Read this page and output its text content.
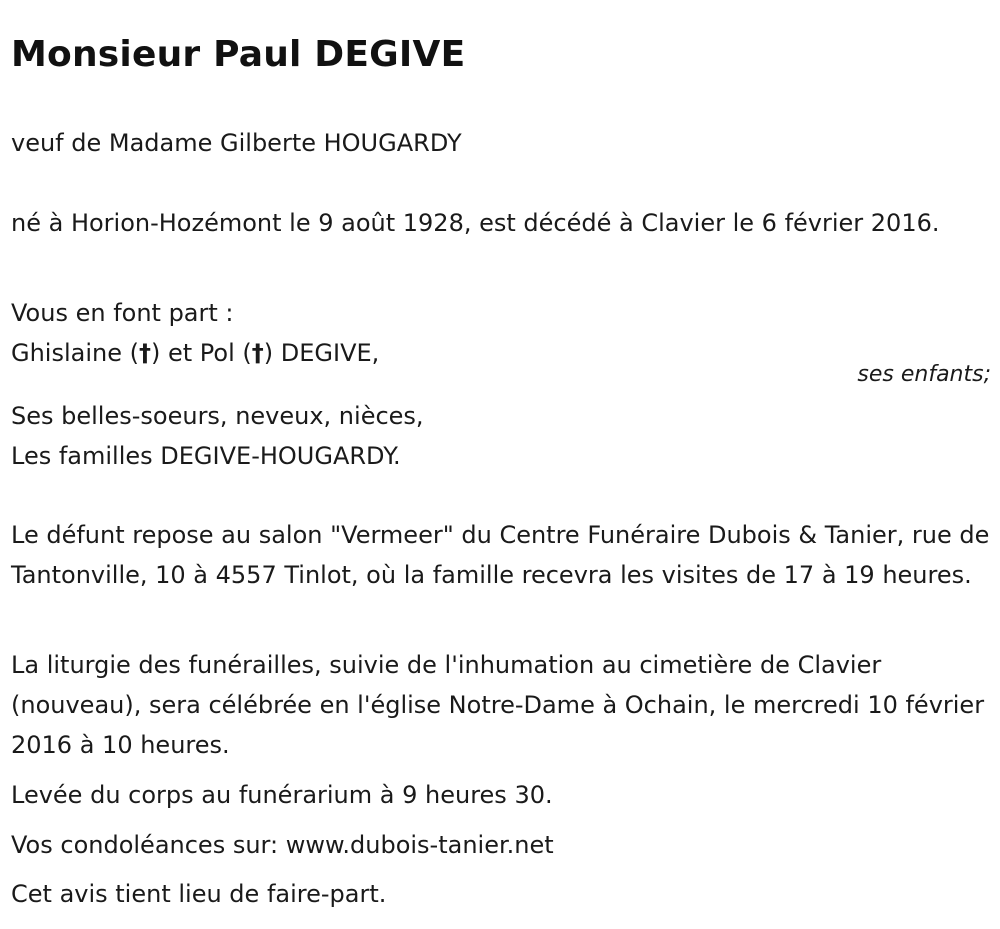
Monsieur Paul DEGIVE
veuf de Madame Gilberte HOUGARDY
né à Horion-Hozémont le 9 août 1928, est décédé à Clavier le 6 février 2016.
Vous en font part :
Ghislaine (†) et Pol (†) DEGIVE,
ses enfants;
Ses belles-soeurs, neveux, nièces,
Les familles DEGIVE-HOUGARDY.
Le défunt repose au salon "Vermeer" du Centre Funéraire Dubois & Tanier, rue de Tantonville, 10 à 4557 Tinlot, où la famille recevra les visites de 17 à 19 heures.
La liturgie des funérailles, suivie de l'inhumation au cimetière de Clavier (nouveau), sera célébrée en l'église Notre-Dame à Ochain, le mercredi 10 février 2016 à 10 heures.
Levée du corps au funérarium à 9 heures 30.
Vos condoléances sur: www.dubois-tanier.net
Cet avis tient lieu de faire-part.
